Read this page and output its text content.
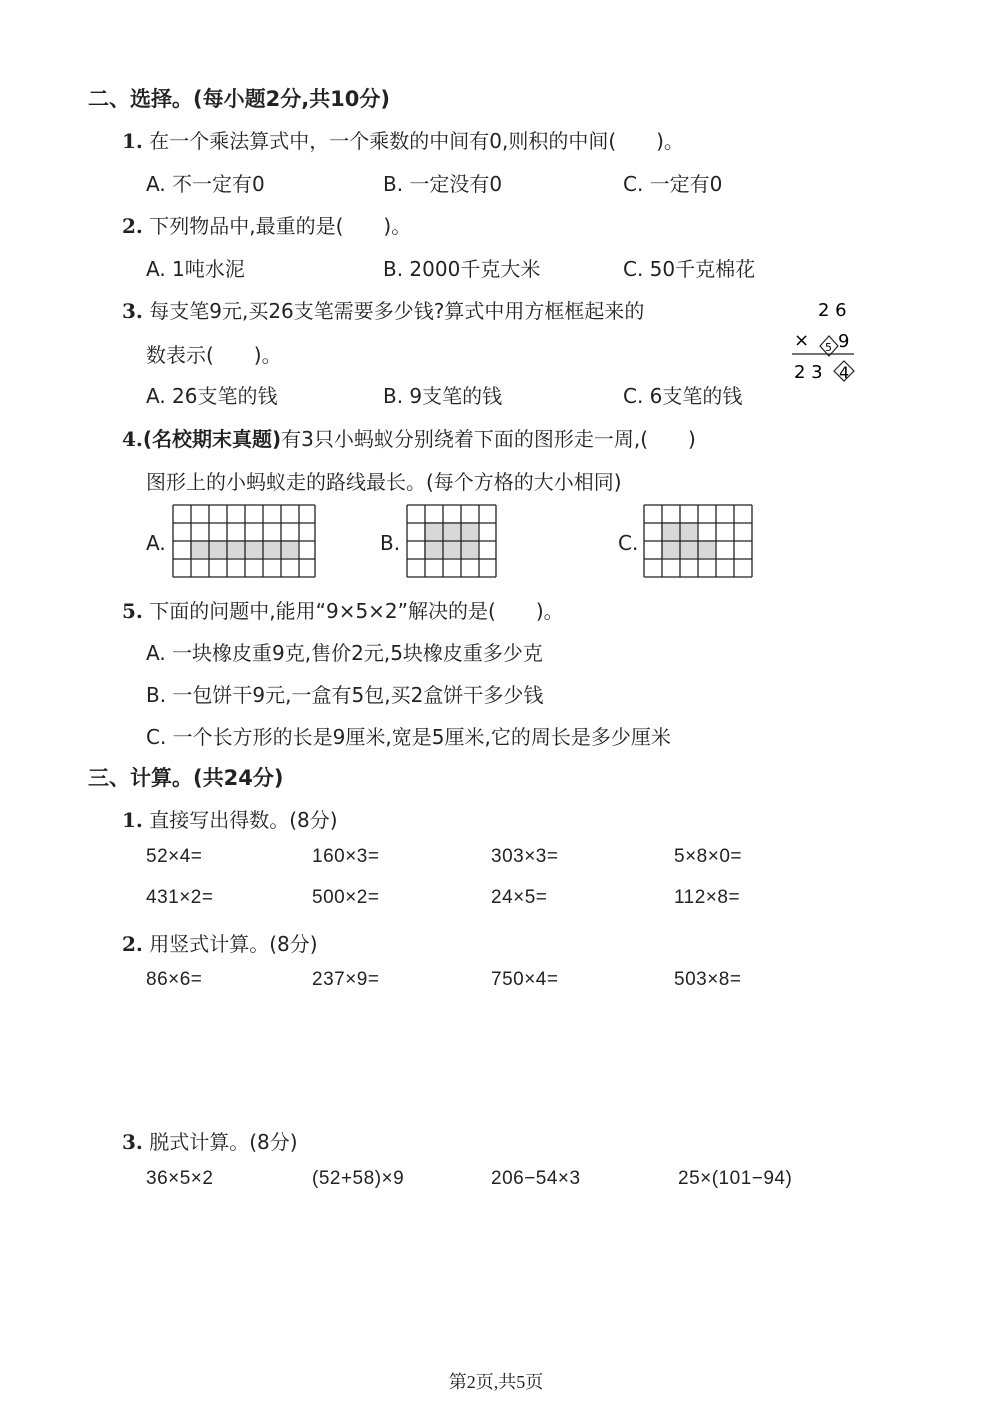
二、选择。(每小题2分,共10分)
1. 在一个乘法算式中，一个乘数的中间有0,则积的中间(　　)。
A. 不一定有0	B. 一定没有0	C. 一定有0
2. 下列物品中,最重的是(　　)。
A. 1吨水泥	B. 2000千克大米	C. 50千克棉花
3. 每支笔9元,买26支笔需要多少钱?算式中用方框框起来的
数表示(　　)。
2 6
× 5 9
2 3 4
A. 26支笔的钱	B. 9支笔的钱	C. 6支笔的钱
4.(名校期末真题)有3只小蚂蚁分别绕着下面的图形走一周,(　　)
图形上的小蚂蚁走的路线最长。(每个方格的大小相同)
A.	B.	C.
5. 下面的问题中,能用“9×5×2”解决的是(　　)。
A. 一块橡皮重9克,售价2元,5块橡皮重多少克
B. 一包饼干9元,一盒有5包,买2盒饼干多少钱
C. 一个长方形的长是9厘米,宽是5厘米,它的周长是多少厘米
三、计算。(共24分)
1. 直接写出得数。(8分)
52×4=	160×3=	303×3=	5×8×0=
431×2=	500×2=	24×5=	112×8=
2. 用竖式计算。(8分)
86×6=	237×9=	750×4=	503×8=
3. 脱式计算。(8分)
36×5×2	(52+58)×9	206−54×3	25×(101−94)
第2页,共5页
